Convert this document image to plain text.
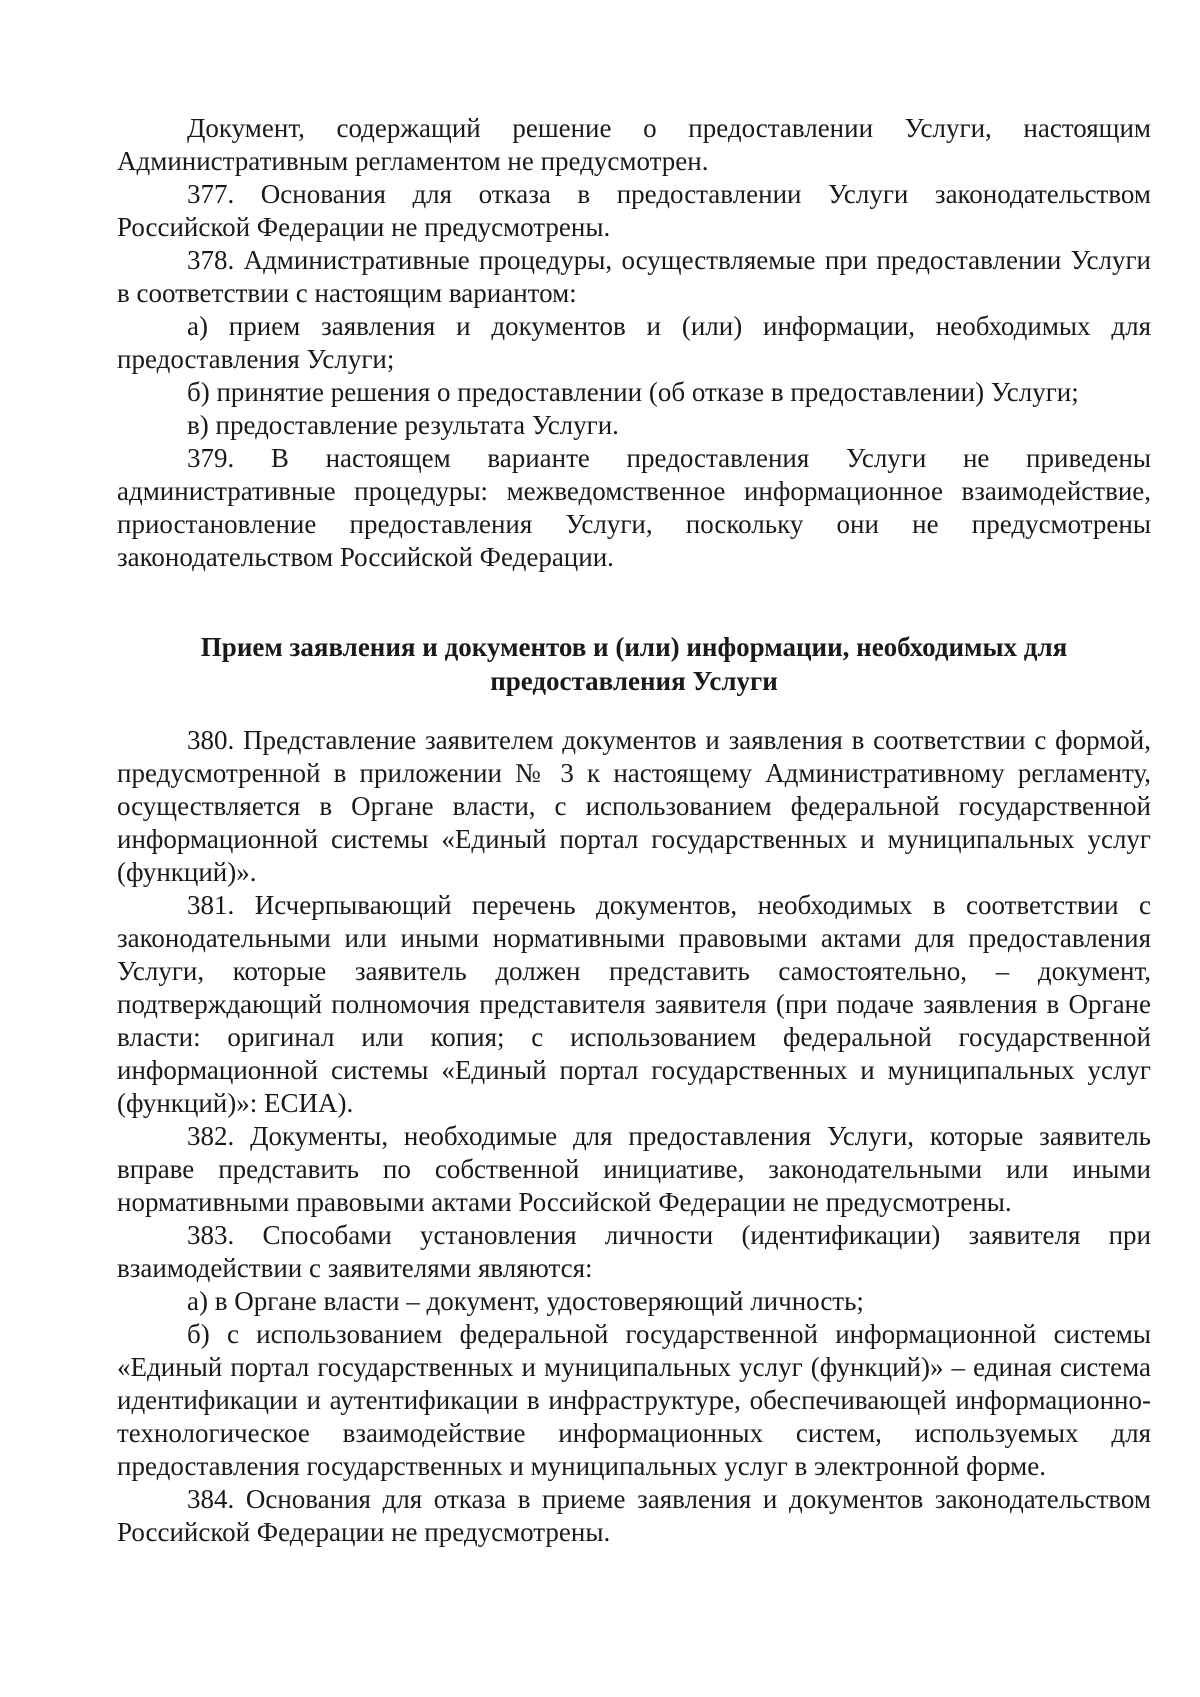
Документ, содержащий решение о предоставлении Услуги, настоящим Административным регламентом не предусмотрен.

377. Основания для отказа в предоставлении Услуги законодательством Российской Федерации не предусмотрены.

378. Административные процедуры, осуществляемые при предоставлении Услуги в соответствии с настоящим вариантом:

а) прием заявления и документов и (или) информации, необходимых для предоставления Услуги;

б) принятие решения о предоставлении (об отказе в предоставлении) Услуги;

в) предоставление результата Услуги.

379. В настоящем варианте предоставления Услуги не приведены административные процедуры: межведомственное информационное взаимодействие, приостановление предоставления Услуги, поскольку они не предусмотрены законодательством Российской Федерации.

Прием заявления и документов и (или) информации, необходимых для предоставления Услуги

380. Представление заявителем документов и заявления в соответствии с формой, предусмотренной в приложении № 3 к настоящему Административному регламенту, осуществляется в Органе власти, с использованием федеральной государственной информационной системы «Единый портал государственных и муниципальных услуг (функций)».

381. Исчерпывающий перечень документов, необходимых в соответствии с законодательными или иными нормативными правовыми актами для предоставления Услуги, которые заявитель должен представить самостоятельно, – документ, подтверждающий полномочия представителя заявителя (при подаче заявления в Органе власти: оригинал или копия; с использованием федеральной государственной информационной системы «Единый портал государственных и муниципальных услуг (функций)»: ЕСИА).

382. Документы, необходимые для предоставления Услуги, которые заявитель вправе представить по собственной инициативе, законодательными или иными нормативными правовыми актами Российской Федерации не предусмотрены.

383. Способами установления личности (идентификации) заявителя при взаимодействии с заявителями являются:

а) в Органе власти – документ, удостоверяющий личность;

б) с использованием федеральной государственной информационной системы «Единый портал государственных и муниципальных услуг (функций)» – единая система идентификации и аутентификации в инфраструктуре, обеспечивающей информационно-технологическое взаимодействие информационных систем, используемых для предоставления государственных и муниципальных услуг в электронной форме.

384. Основания для отказа в приеме заявления и документов законодательством Российской Федерации не предусмотрены.
